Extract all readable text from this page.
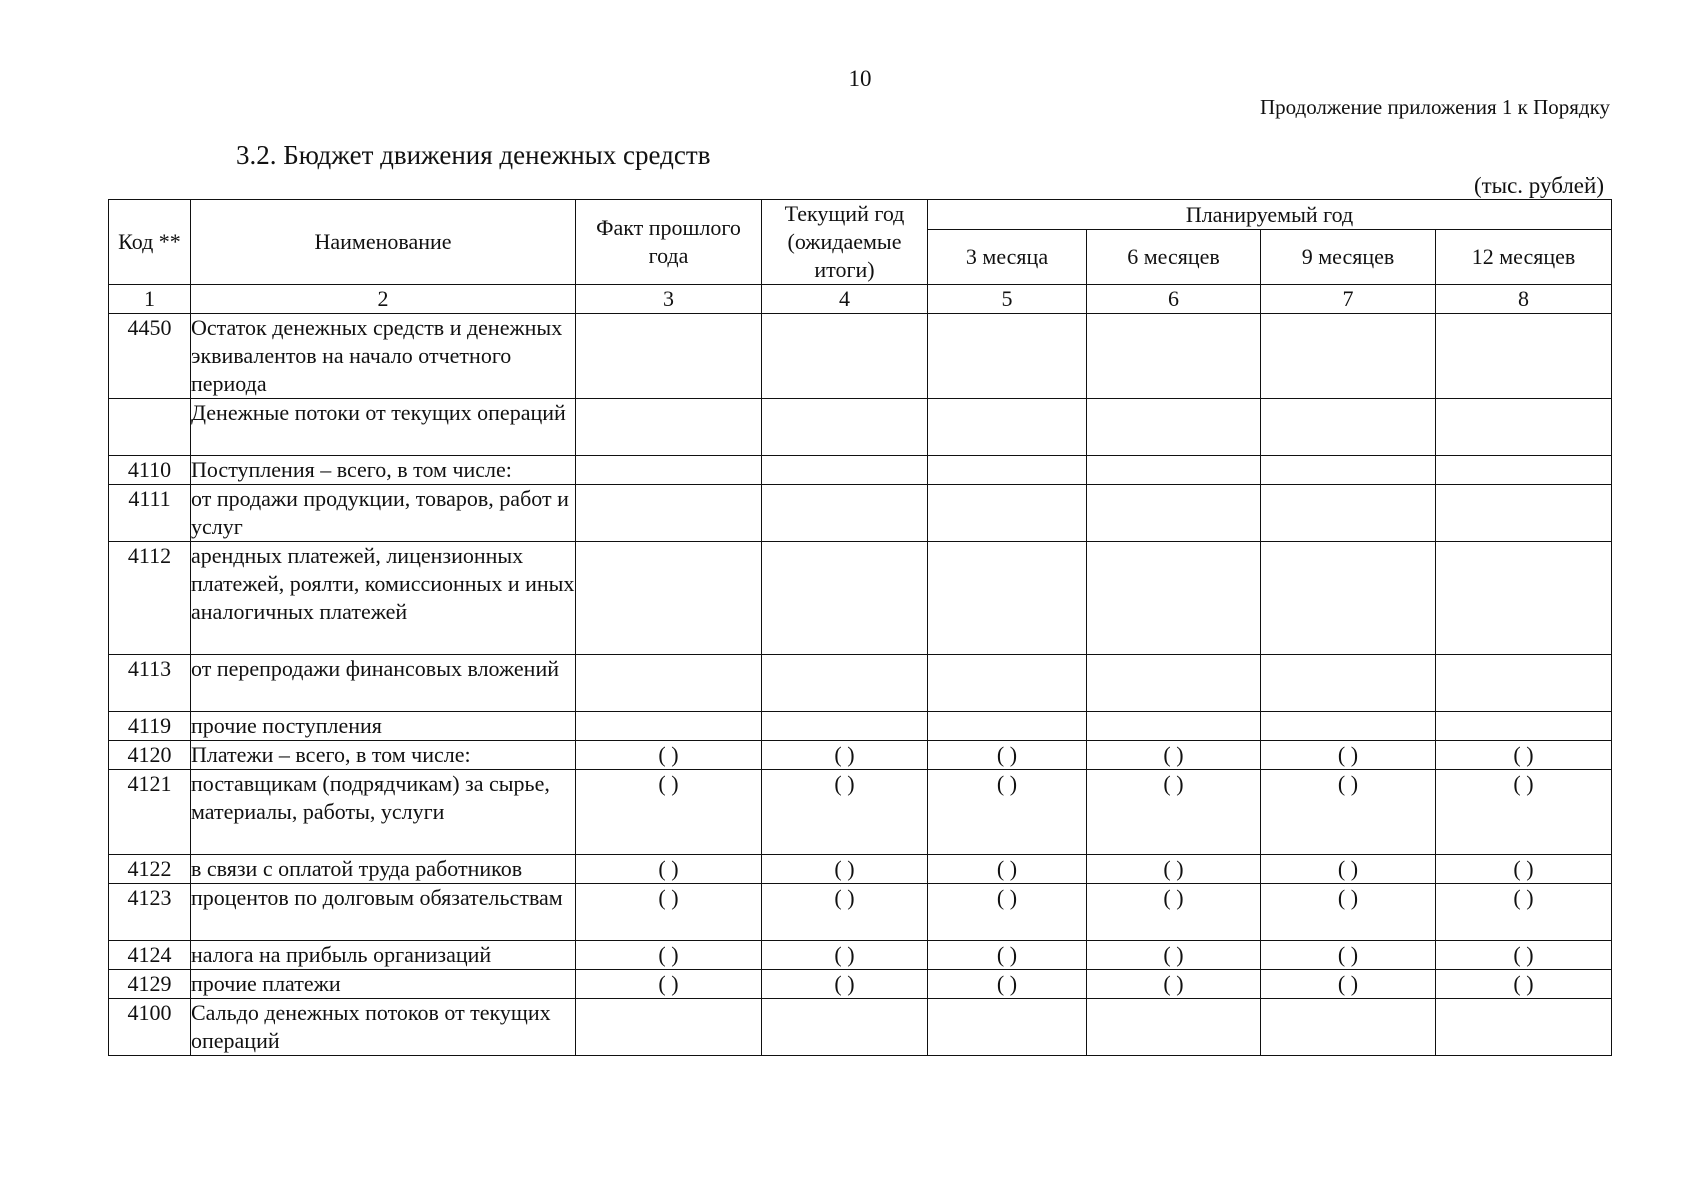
10
Продолжение приложения 1 к Порядку
3.2. Бюджет движения денежных средств
(тыс. рублей)
Код **	Наименование	Факт прошлого года	Текущий год (ожидаемые итоги)	Планируемый год			
				3 месяца	6 месяцев	9 месяцев	12 месяцев
1	2	3	4	5	6	7	8
4450	Остаток денежных средств и денежных эквивалентов на начало отчетного периода						
	Денежные потоки от текущих операций						
4110	Поступления – всего, в том числе:						
4111	от продажи продукции, товаров, работ и услуг						
4112	арендных платежей, лицензионных платежей, роялти, комиссионных и иных аналогичных платежей						
4113	от перепродажи финансовых вложений						
4119	прочие поступления						
4120	Платежи – всего, в том числе:	( )	( )	( )	( )	( )	( )
4121	поставщикам (подрядчикам) за сырье, материалы, работы, услуги	( )	( )	( )	( )	( )	( )
4122	в связи с оплатой труда работников	( )	( )	( )	( )	( )	( )
4123	процентов по долговым обязательствам	( )	( )	( )	( )	( )	( )
4124	налога на прибыль организаций	( )	( )	( )	( )	( )	( )
4129	прочие платежи	( )	( )	( )	( )	( )	( )
4100	Сальдо денежных потоков от текущих операций						
